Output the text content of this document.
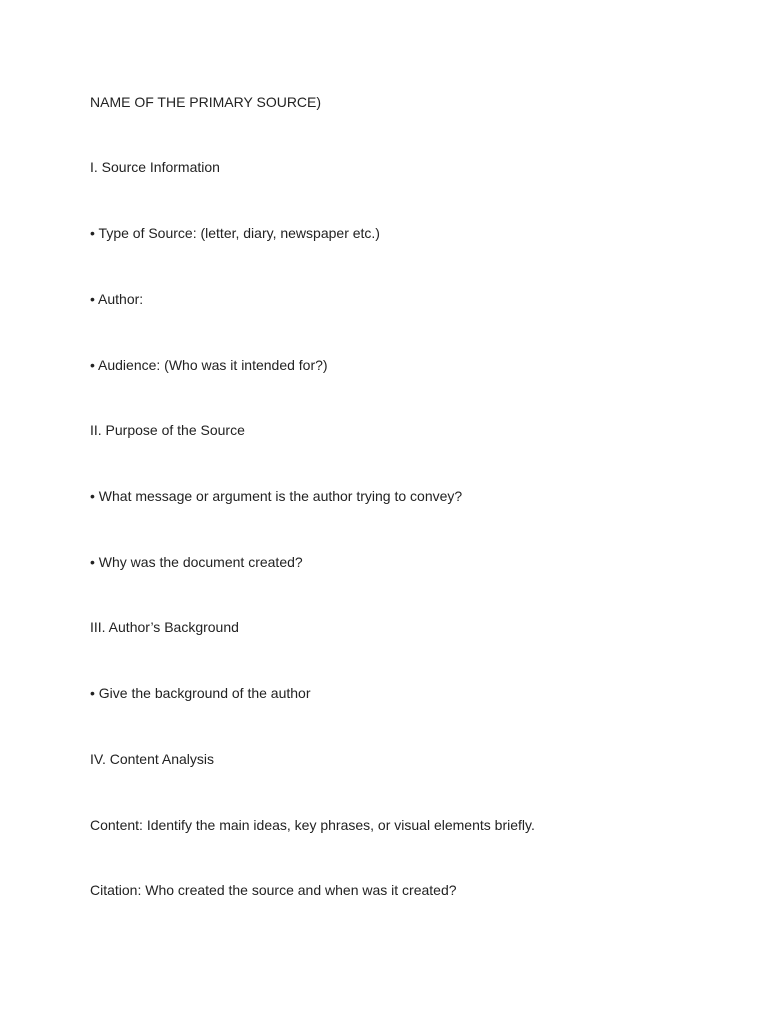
NAME OF THE PRIMARY SOURCE)
I. Source Information
• Type of Source: (letter, diary, newspaper etc.)
• Author:
• Audience: (Who was it intended for?)
II. Purpose of the Source
• What message or argument is the author trying to convey?
• Why was the document created?
III. Author’s Background
• Give the background of the author
IV. Content Analysis
Content: Identify the main ideas, key phrases, or visual elements briefly.
Citation: Who created the source and when was it created?
